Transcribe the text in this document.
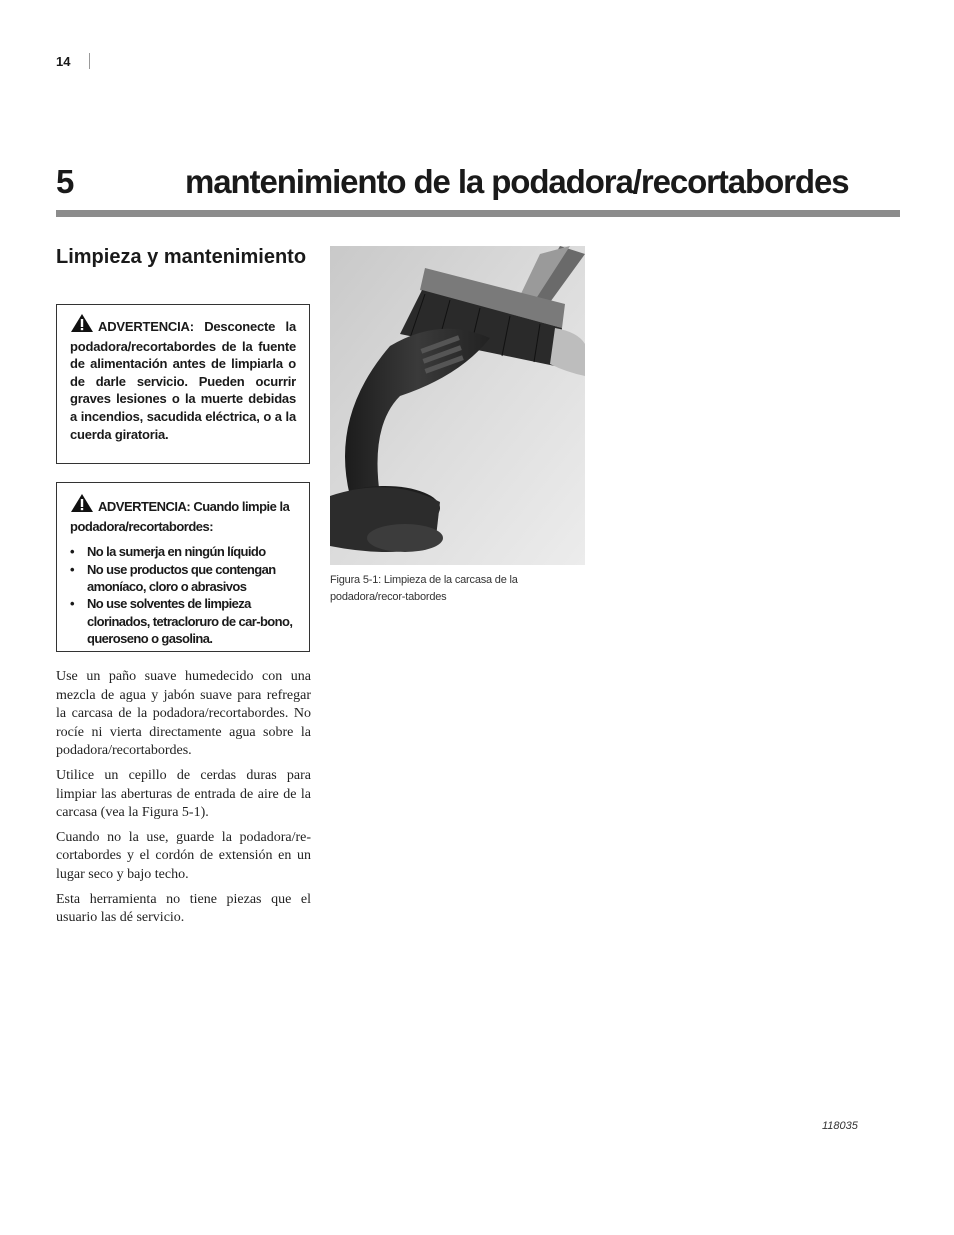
14
5	mantenimiento de la podadora/recortabordes
Limpieza y mantenimiento
ADVERTENCIA: Desconecte la podadora/recortabordes de la fuente de alimentación antes de limpiarla o de darle servicio. Pueden ocurrir graves lesiones o la muerte debidas a incendios, sacudida eléctrica, o a la cuerda giratoria.
ADVERTENCIA: Cuando limpie la podadora/recortabordes:
• No la sumerja en ningún líquido
• No use productos que contengan amoníaco, cloro o abrasivos
• No use solventes de limpieza clorinados, tetracloruro de car-bono, queroseno o gasolina.

Use un paño suave humedecido con una mezcla de agua y jabón suave para refregar la carcasa de la podadora/recortabordes. No rocíe ni vierta directamente agua sobre la podadora/recortabordes.

Utilice un cepillo de cerdas duras para limpiar las aberturas de entrada de aire de la carcasa (vea la Figura 5-1).

Cuando no la use, guarde la podadora/re-cortabordes y el cordón de extensión en un lugar seco y bajo techo.

Esta herramienta no tiene piezas que el usuario las dé servicio.

Figura 5-1: Limpieza de la carcasa de la podadora/recor-tabordes
118035
